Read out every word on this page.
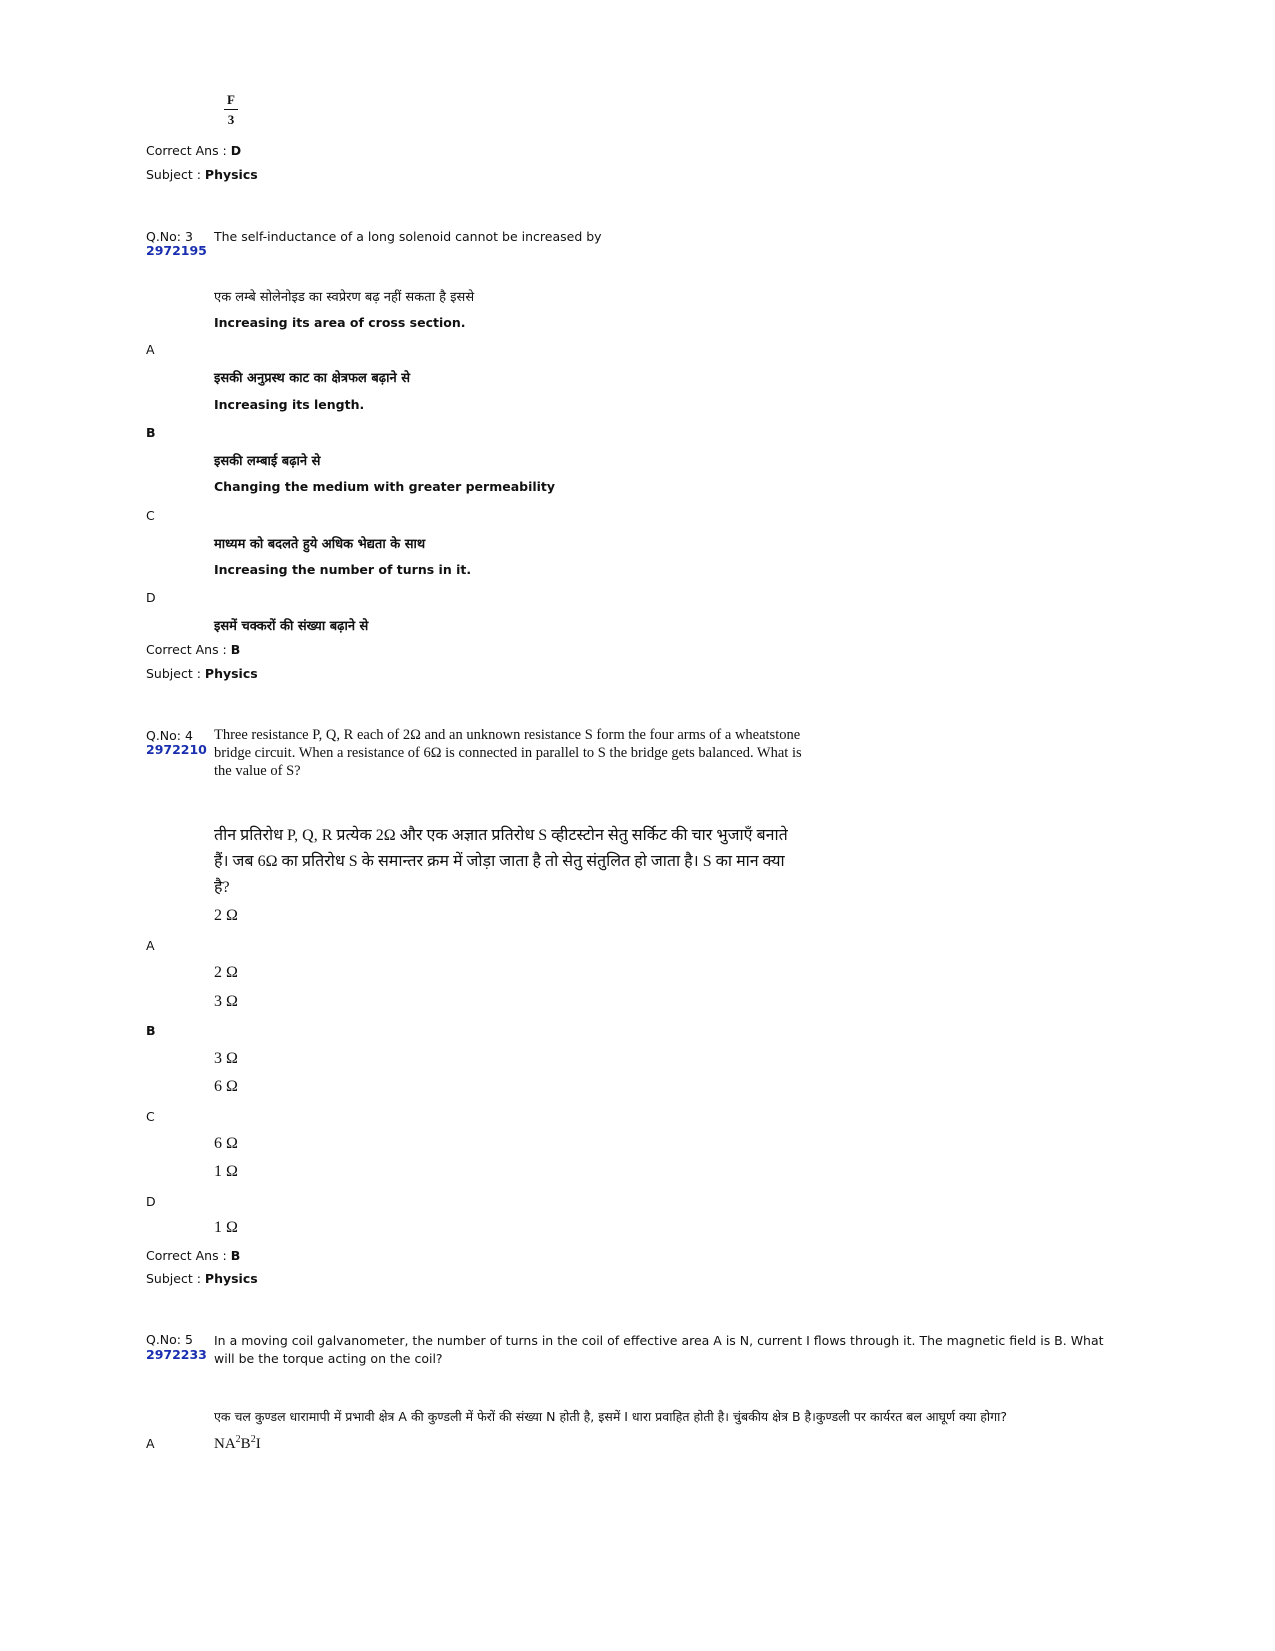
F
3
Correct Ans : D
Subject : Physics
Q.No: 3
2972195
The self-inductance of a long solenoid cannot be increased by
एक लम्बे सोलेनोइड का स्वप्रेरण बढ़ नहीं सकता है इससे
Increasing its area of cross section.
A
इसकी अनुप्रस्थ काट का क्षेत्रफल बढ़ाने से
Increasing its length.
B
इसकी लम्बाई बढ़ाने से
Changing the medium with greater permeability
C
माध्यम को बदलते हुये अधिक भेद्यता के साथ
Increasing the number of turns in it.
D
इसमें चक्करों की संख्या बढ़ाने से
Correct Ans : B
Subject : Physics
Q.No: 4
2972210
Three resistance P, Q, R each of 2Ω and an unknown resistance S form the four arms of a wheatstone
bridge circuit. When a resistance of 6Ω is connected in parallel to S the bridge gets balanced. What is
the value of S?
तीन प्रतिरोध P, Q, R प्रत्येक 2Ω और एक अज्ञात प्रतिरोध S व्हीटस्टोन सेतु सर्किट की चार भुजाएँ बनाते
हैं। जब 6Ω का प्रतिरोध S के समान्तर क्रम में जोड़ा जाता है तो सेतु संतुलित हो जाता है। S का मान क्या
है?
2 Ω
A
2 Ω
3 Ω
B
3 Ω
6 Ω
C
6 Ω
1 Ω
D
1 Ω
Correct Ans : B
Subject : Physics
Q.No: 5
2972233
In a moving coil galvanometer, the number of turns in the coil of effective area A is N, current I flows through it. The magnetic field is B. What
will be the torque acting on the coil?
एक चल कुण्डल धारामापी में प्रभावी क्षेत्र A की कुण्डली में फेरों की संख्या N होती है, इसमें I धारा प्रवाहित होती है। चुंबकीय क्षेत्र B है।कुण्डली पर कार्यरत बल आघूर्ण क्या होगा?
A	$NA^2B^2I$
